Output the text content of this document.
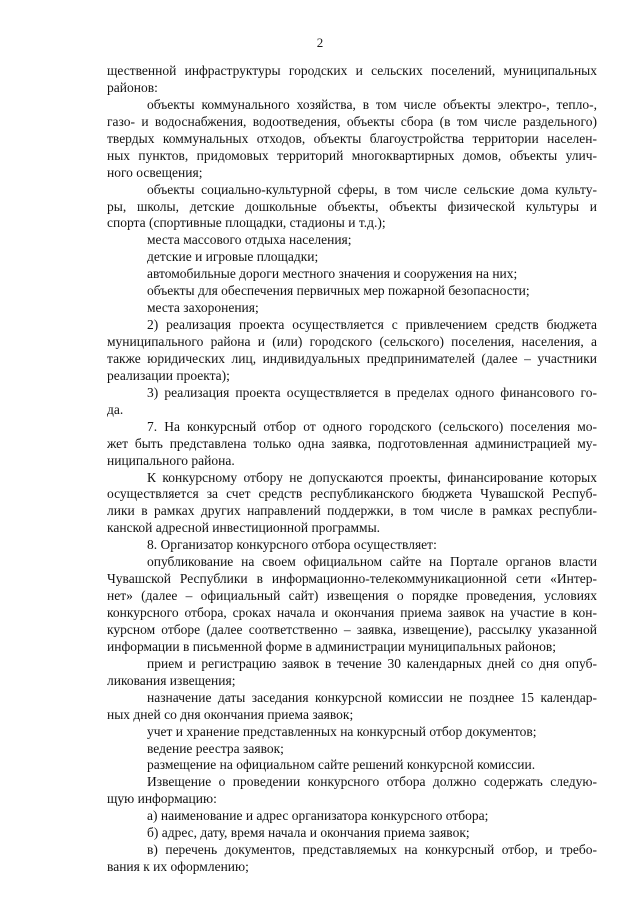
2
щественной инфраструктуры городских и сельских поселений, муниципальных
районов:
объекты коммунального хозяйства, в том числе объекты электро-, тепло-,
газо- и водоснабжения, водоотведения, объекты сбора (в том числе раздельного)
твердых коммунальных отходов, объекты благоустройства территории населен-
ных пунктов, придомовых территорий многоквартирных домов, объекты улич-
ного освещения;
объекты социально-культурной сферы, в том числе сельские дома культу-
ры, школы, детские дошкольные объекты, объекты физической культуры и
спорта (спортивные площадки, стадионы и т.д.);
места массового отдыха населения;
детские и игровые площадки;
автомобильные дороги местного значения и сооружения на них;
объекты для обеспечения первичных мер пожарной безопасности;
места захоронения;
2) реализация проекта осуществляется с привлечением средств бюджета
муниципального района и (или) городского (сельского) поселения, населения, а
также юридических лиц, индивидуальных предпринимателей (далее – участники
реализации проекта);
3) реализация проекта осуществляется в пределах одного финансового го-
да.
7. На конкурсный отбор от одного городского (сельского) поселения мо-
жет быть представлена только одна заявка, подготовленная администрацией му-
ниципального района.
К конкурсному отбору не допускаются проекты, финансирование которых
осуществляется за счет средств республиканского бюджета Чувашской Респуб-
лики в рамках других направлений поддержки, в том числе в рамках республи-
канской адресной инвестиционной программы.
8. Организатор конкурсного отбора осуществляет:
опубликование на своем официальном сайте на Портале органов власти
Чувашской Республики в информационно-телекоммуникационной сети «Интер-
нет» (далее – официальный сайт) извещения о порядке проведения, условиях
конкурсного отбора, сроках начала и окончания приема заявок на участие в кон-
курсном отборе (далее соответственно – заявка, извещение), рассылку указанной
информации в письменной форме в администрации муниципальных районов;
прием и регистрацию заявок в течение 30 календарных дней со дня опуб-
ликования извещения;
назначение даты заседания конкурсной комиссии не позднее 15 календар-
ных дней со дня окончания приема заявок;
учет и хранение представленных на конкурсный отбор документов;
ведение реестра заявок;
размещение на официальном сайте решений конкурсной комиссии.
Извещение о проведении конкурсного отбора должно содержать следую-
щую информацию:
а) наименование и адрес организатора конкурсного отбора;
б) адрес, дату, время начала и окончания приема заявок;
в) перечень документов, представляемых на конкурсный отбор, и требо-
вания к их оформлению;
